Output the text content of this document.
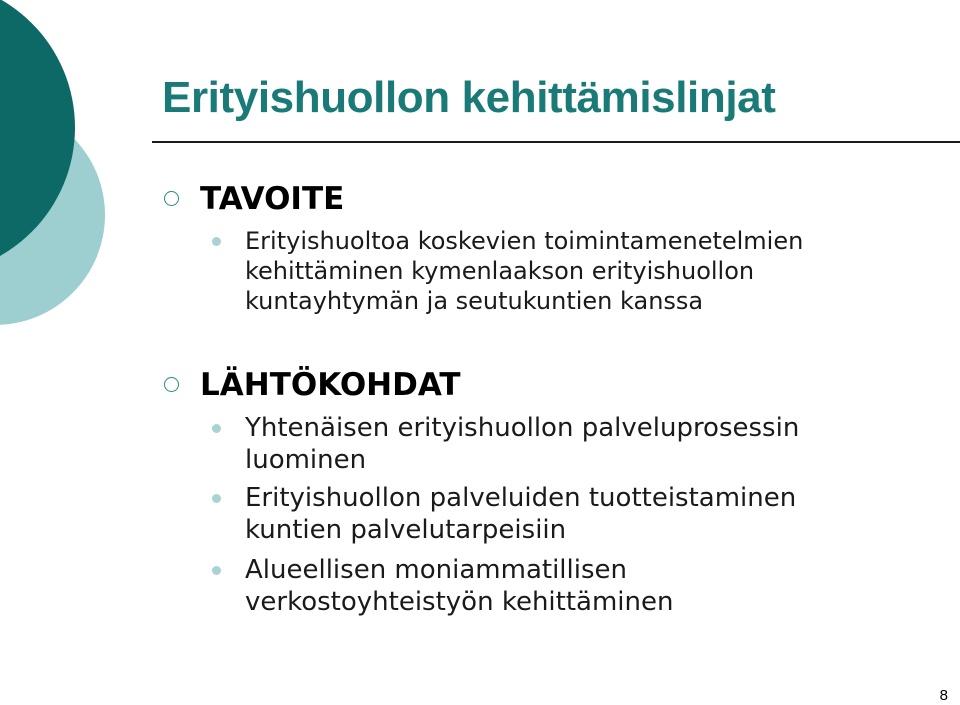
Erityishuollon kehittämislinjat
TAVOITE
Erityishuoltoa koskevien toimintamenetelmien
kehittäminen kymenlaakson erityishuollon
kuntayhtymän ja seutukuntien kanssa
LÄHTÖKOHDAT
Yhtenäisen erityishuollon palveluprosessin
luominen
Erityishuollon palveluiden tuotteistaminen
kuntien palvelutarpeisiin
Alueellisen moniammatillisen
verkostoyhteistyön kehittäminen
8
